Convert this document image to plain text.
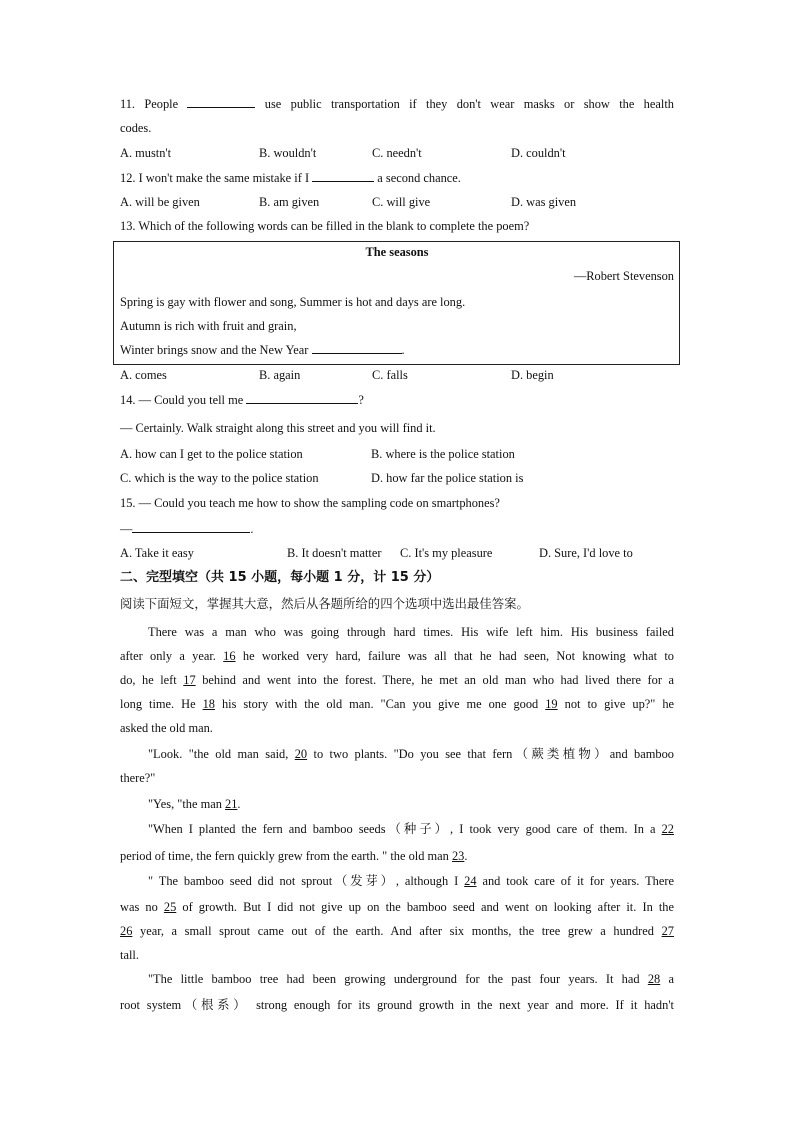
11. People	use public transportation if they don't wear masks or show the health
codes.
A. mustn't	B. wouldn't	C. needn't	D. couldn't
12. I won't make the same mistake if I	a second chance.
A. will be given	B. am given	C. will give	D. was given
13. Which of the following words can be filled in the blank to complete the poem?
The seasons
—Robert Stevenson
Spring is gay with flower and song, Summer is hot and days are long.
Autumn is rich with fruit and grain,
Winter brings snow and the New Year	.
A. comes	B. again	C. falls	D. begin
14. — Could you tell me	?
— Certainly. Walk straight along this street and you will find it.
A. how can I get to the police station	B. where is the police station
C. which is the way to the police station	D. how far the police station is
15. — Could you teach me how to show the sampling code on smartphones?
—	.
A. Take it easy	B. It doesn't matter C. It's my pleasure	D. Sure, I'd love to
二、完型填空（共 15 小题，每小题 1 分，计 15 分）
阅读下面短文，掌握其大意，然后从各题所给的四个选项中选出最佳答案。
There was a man who was going through hard times. His wife left him. His business failed
after only a year. 16 he worked very hard, failure was all that he had seen, Not knowing what to
do, he left 17 behind and went into the forest. There, he met an old man who had lived there for a
long time. He 18 his story with the old man. "Can you give me one good 19 not to give up?" he
asked the old man.
"Look. "the old man said, 20 to two plants. "Do you see that fern（蕨类植物）and bamboo
there?"
"Yes, "the man 21.
"When I planted the fern and bamboo seeds（种子）, I took very good care of them. In a 22
period of time, the fern quickly grew from the earth. " the old man 23.
" The bamboo seed did not sprout（发芽）, although I 24 and took care of it for years. There
was no 25 of growth. But I did not give up on the bamboo seed and went on looking after it. In the
26 year, a small sprout came out of the earth. And after six months, the tree grew a hundred 27
tall.
"The little bamboo tree had been growing underground for the past four years. It had 28 a
root system（根系） strong enough for its ground growth in the next year and more. If it hadn't
